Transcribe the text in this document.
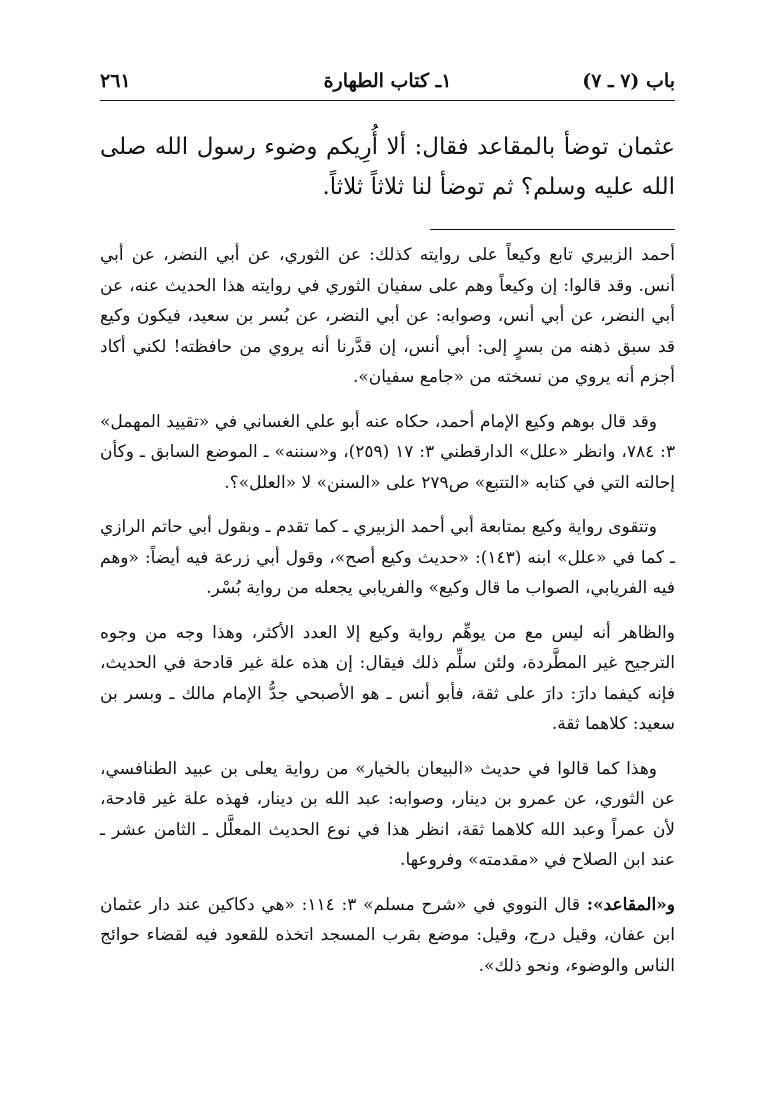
باب (٧ ـ ٧)
١ـ كتاب الطهارة
٢٦١

عثمان توضأ بالمقاعد فقال: ألا أُرِيكم وضوء رسول الله صلى الله عليه وسلم؟ ثم توضأ لنا ثلاثاً ثلاثاً.

أحمد الزبيري تابع وكيعاً على روايته كذلك: عن الثوري، عن أبي النضر، عن أبي أنس. وقد قالوا: إن وكيعاً وهم على سفيان الثوري في روايته هذا الحديث عنه، عن أبي النضر، عن أبي أنس، وصوابه: عن أبي النضر، عن بُسر بن سعيد، فيكون وكيع قد سبق ذهنه من بسرٍ إلى: أبي أنس، إن قدَّرنا أنه يروي من حافظته! لكني أكاد أجزم أنه يروي من نسخته من «جامع سفيان».

وقد قال بوهم وكيع الإمام أحمد، حكاه عنه أبو علي الغساني في «تقييد المهمل» ٣: ٧٨٤، وانظر «علل» الدارقطني ٣: ١٧ (٢٥٩)، و«سننه» ـ الموضع السابق ـ وكأن إحالته التي في كتابه «التتبع» ص٢٧٩ على «السنن» لا «العلل»؟.

وتتقوى رواية وكيع بمتابعة أبي أحمد الزبيري ـ كما تقدم ـ وبقول أبي حاتم الرازي ـ كما في «علل» ابنه (١٤٣): «حديث وكيع أصح»، وقول أبي زرعة فيه أيضاً: «وهم فيه الفريابي، الصواب ما قال وكيع» والفريابي يجعله من رواية بُسْر.

والظاهر أنه ليس مع من يوهِّم رواية وكيع إلا العدد الأكثر، وهذا وجه من وجوه الترجيح غير المطَّردة، ولئن سلِّم ذلك فيقال: إن هذه علة غير قادحة في الحديث، فإنه كيفما دارَ: دارَ على ثقة، فأبو أنس ـ هو الأصبحي جدُّ الإمام مالك ـ وبسر بن سعيد: كلاهما ثقة.

وهذا كما قالوا في حديث «البيعان بالخيار» من رواية يعلى بن عبيد الطنافسي، عن الثوري، عن عمرو بن دينار، وصوابه: عبد الله بن دينار، فهذه علة غير قادحة، لأن عمراً وعبد الله كلاهما ثقة، انظر هذا في نوع الحديث المعلَّل ـ الثامن عشر ـ عند ابن الصلاح في «مقدمته» وفروعها.

و«المقاعد»: قال النووي في «شرح مسلم» ٣: ١١٤: «هي دكاكين عند دار عثمان ابن عفان، وقيل درج، وقيل: موضع بقرب المسجد اتخذه للقعود فيه لقضاء حوائج الناس والوضوء، ونحو ذلك».
